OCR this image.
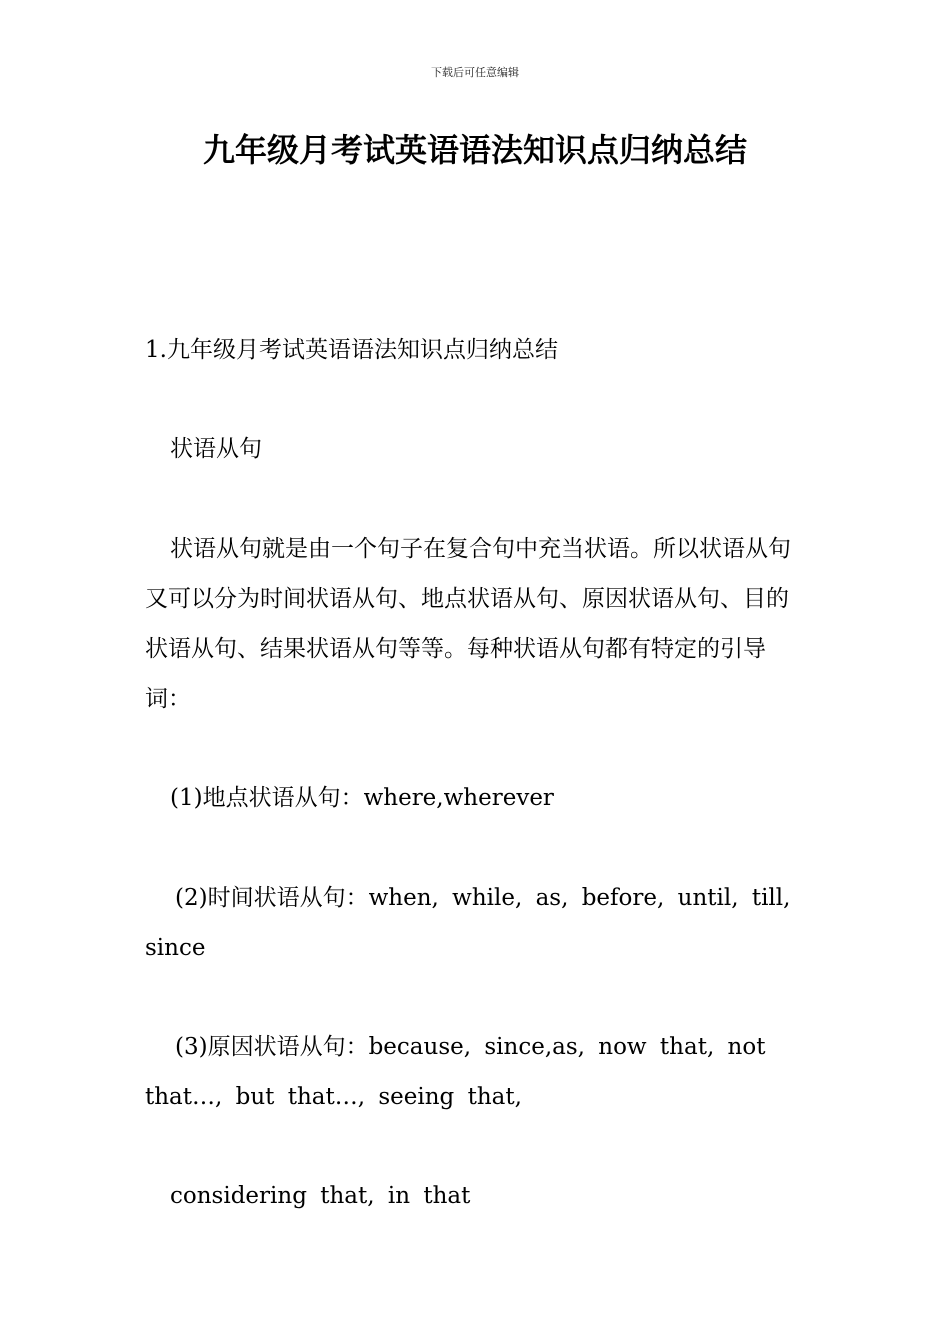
下载后可任意编辑
九年级月考试英语语法知识点归纳总结

1.九年级月考试英语语法知识点归纳总结

状语从句

状语从句就是由一个句子在复合句中充当状语。所以状语从句又可以分为时间状语从句、地点状语从句、原因状语从句、目的状语从句、结果状语从句等等。每种状语从句都有特定的引导词：

(1)地点状语从句：where,wherever

(2)时间状语从句：when, while, as, before, until, till, since

(3)原因状语从句：because, since,as, now that, not that…, but that…, seeing that,

considering that, in that
